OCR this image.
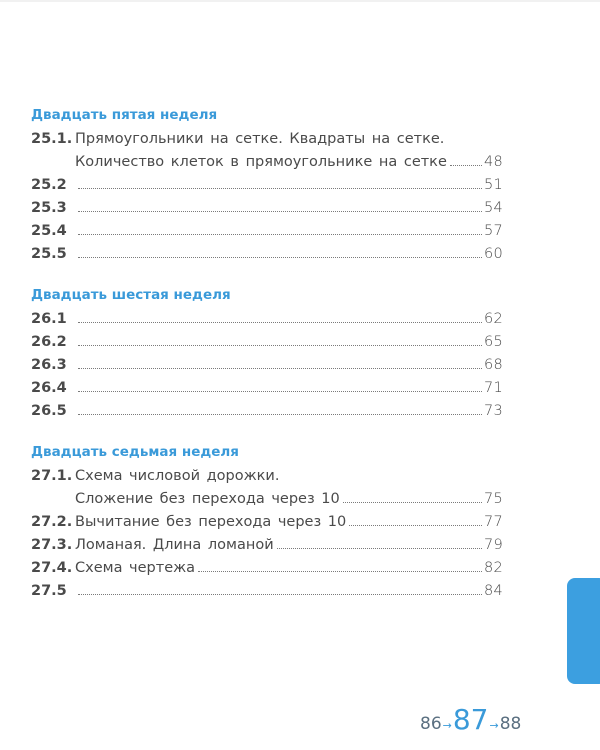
Двадцать пятая неделя
25.1. Прямоугольники на сетке. Квадраты на сетке.
Количество клеток в прямоугольнике на сетке	48
25.2	51
25.3	54
25.4	57
25.5	60
Двадцать шестая неделя
26.1	62
26.2	65
26.3	68
26.4	71
26.5	73
Двадцать седьмая неделя
27.1. Схема числовой дорожки.
Сложение без перехода через 10	75
27.2. Вычитание без перехода через 10	77
27.3. Ломаная. Длина ломаной	79
27.4. Схема чертежа	82
27.5	84
86 → 87 → 88
